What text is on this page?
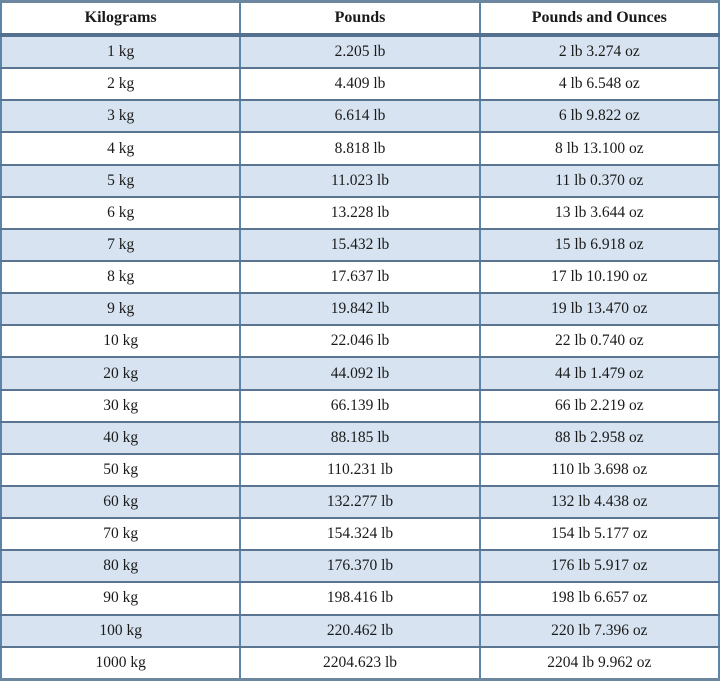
Kilograms	Pounds	Pounds and Ounces
1 kg	2.205 lb	2 lb 3.274 oz
2 kg	4.409 lb	4 lb 6.548 oz
3 kg	6.614 lb	6 lb 9.822 oz
4 kg	8.818 lb	8 lb 13.100 oz
5 kg	11.023 lb	11 lb 0.370 oz
6 kg	13.228 lb	13 lb 3.644 oz
7 kg	15.432 lb	15 lb 6.918 oz
8 kg	17.637 lb	17 lb 10.190 oz
9 kg	19.842 lb	19 lb 13.470 oz
10 kg	22.046 lb	22 lb 0.740 oz
20 kg	44.092 lb	44 lb 1.479 oz
30 kg	66.139 lb	66 lb 2.219 oz
40 kg	88.185 lb	88 lb 2.958 oz
50 kg	110.231 lb	110 lb 3.698 oz
60 kg	132.277 lb	132 lb 4.438 oz
70 kg	154.324 lb	154 lb 5.177 oz
80 kg	176.370 lb	176 lb 5.917 oz
90 kg	198.416 lb	198 lb 6.657 oz
100 kg	220.462 lb	220 lb 7.396 oz
1000 kg	2204.623 lb	2204 lb 9.962 oz
